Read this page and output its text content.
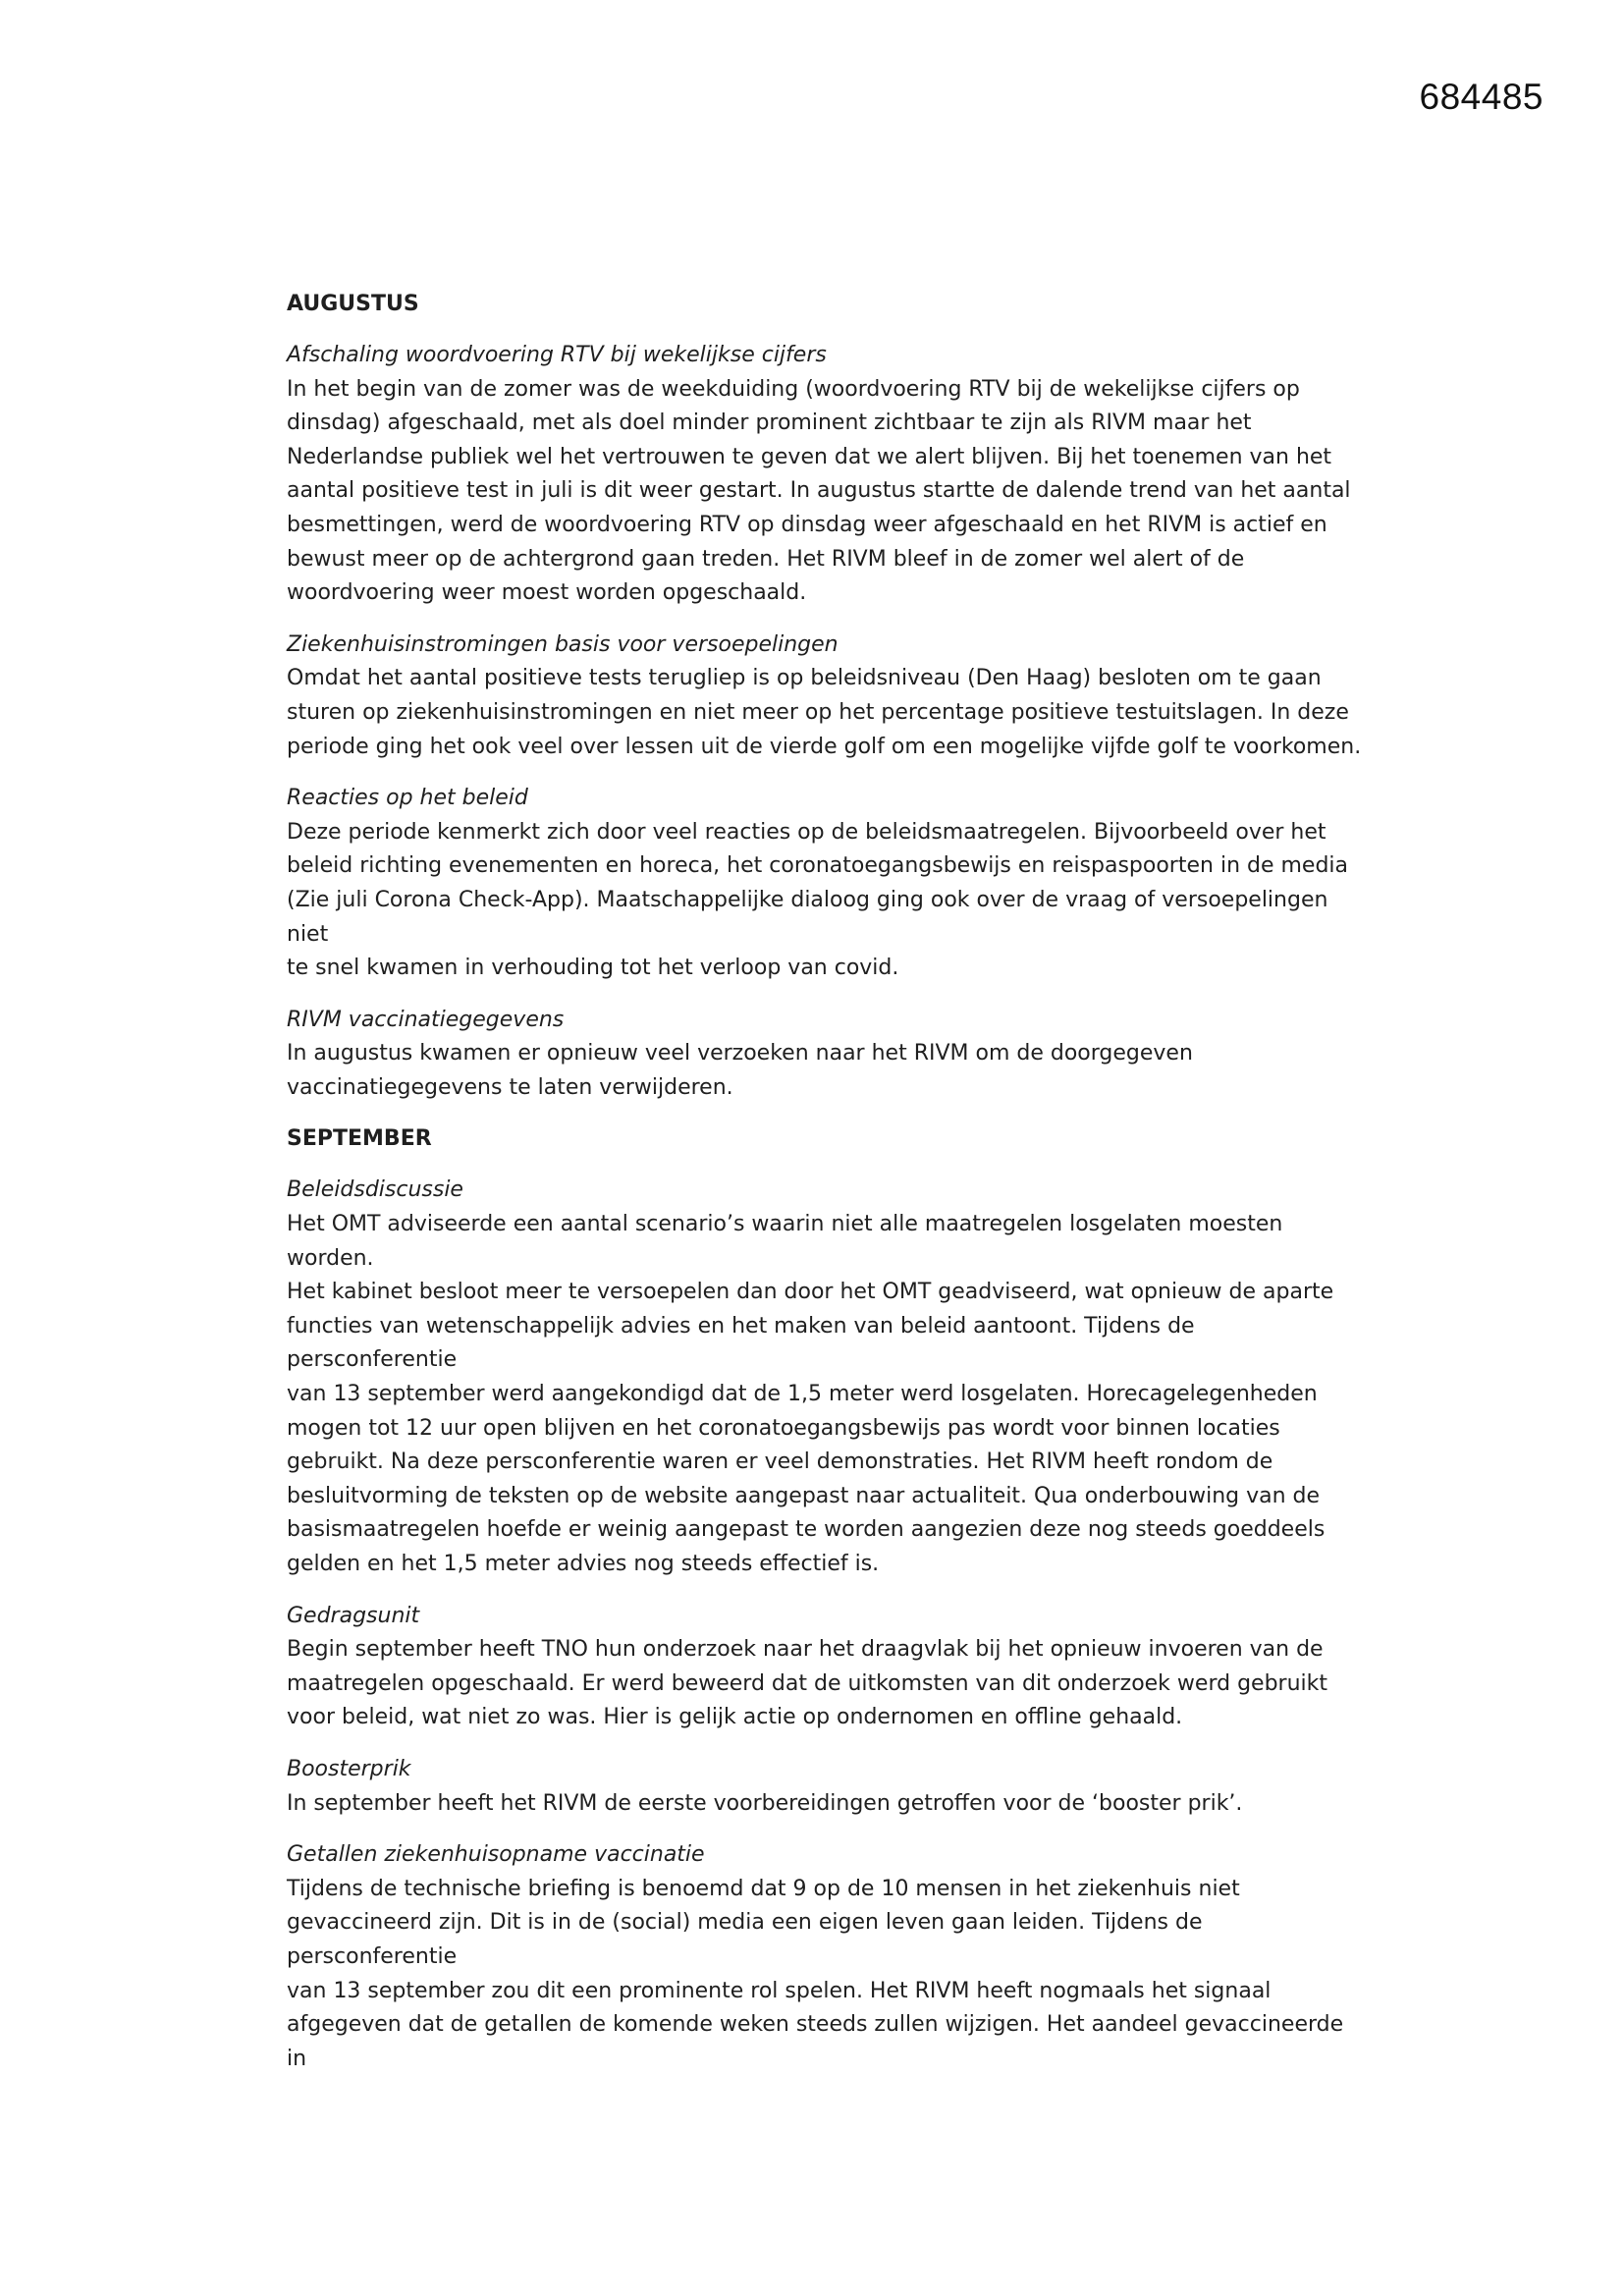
684485
AUGUSTUS
Afschaling woordvoering RTV bij wekelijkse cijfers
In het begin van de zomer was de weekduiding (woordvoering RTV bij de wekelijkse cijfers op
dinsdag) afgeschaald, met als doel minder prominent zichtbaar te zijn als RIVM maar het
Nederlandse publiek wel het vertrouwen te geven dat we alert blijven. Bij het toenemen van het
aantal positieve test in juli is dit weer gestart. In augustus startte de dalende trend van het aantal
besmettingen, werd de woordvoering RTV op dinsdag weer afgeschaald en het RIVM is actief en
bewust meer op de achtergrond gaan treden. Het RIVM bleef in de zomer wel alert of de
woordvoering weer moest worden opgeschaald.
Ziekenhuisinstromingen basis voor versoepelingen
Omdat het aantal positieve tests terugliep is op beleidsniveau (Den Haag) besloten om te gaan
sturen op ziekenhuisinstromingen en niet meer op het percentage positieve testuitslagen. In deze
periode ging het ook veel over lessen uit de vierde golf om een mogelijke vijfde golf te voorkomen.
Reacties op het beleid
Deze periode kenmerkt zich door veel reacties op de beleidsmaatregelen. Bijvoorbeeld over het
beleid richting evenementen en horeca, het coronatoegangsbewijs en reispaspoorten in de media
(Zie juli Corona Check-App). Maatschappelijke dialoog ging ook over de vraag of versoepelingen niet
te snel kwamen in verhouding tot het verloop van covid.
RIVM vaccinatiegegevens
In augustus kwamen er opnieuw veel verzoeken naar het RIVM om de doorgegeven
vaccinatiegegevens te laten verwijderen.
SEPTEMBER
Beleidsdiscussie
Het OMT adviseerde een aantal scenario’s waarin niet alle maatregelen losgelaten moesten worden.
Het kabinet besloot meer te versoepelen dan door het OMT geadviseerd, wat opnieuw de aparte
functies van wetenschappelijk advies en het maken van beleid aantoont. Tijdens de persconferentie
van 13 september werd aangekondigd dat de 1,5 meter werd losgelaten. Horecagelegenheden
mogen tot 12 uur open blijven en het coronatoegangsbewijs pas wordt voor binnen locaties
gebruikt. Na deze persconferentie waren er veel demonstraties. Het RIVM heeft rondom de
besluitvorming de teksten op de website aangepast naar actualiteit. Qua onderbouwing van de
basismaatregelen hoefde er weinig aangepast te worden aangezien deze nog steeds goeddeels
gelden en het 1,5 meter advies nog steeds effectief is.
Gedragsunit
Begin september heeft TNO hun onderzoek naar het draagvlak bij het opnieuw invoeren van de
maatregelen opgeschaald. Er werd beweerd dat de uitkomsten van dit onderzoek werd gebruikt
voor beleid, wat niet zo was. Hier is gelijk actie op ondernomen en offline gehaald.
Boosterprik
In september heeft het RIVM de eerste voorbereidingen getroffen voor de ‘booster prik’.
Getallen ziekenhuisopname vaccinatie
Tijdens de technische briefing is benoemd dat 9 op de 10 mensen in het ziekenhuis niet
gevaccineerd zijn. Dit is in de (social) media een eigen leven gaan leiden. Tijdens de persconferentie
van 13 september zou dit een prominente rol spelen. Het RIVM heeft nogmaals het signaal
afgegeven dat de getallen de komende weken steeds zullen wijzigen. Het aandeel gevaccineerde in
